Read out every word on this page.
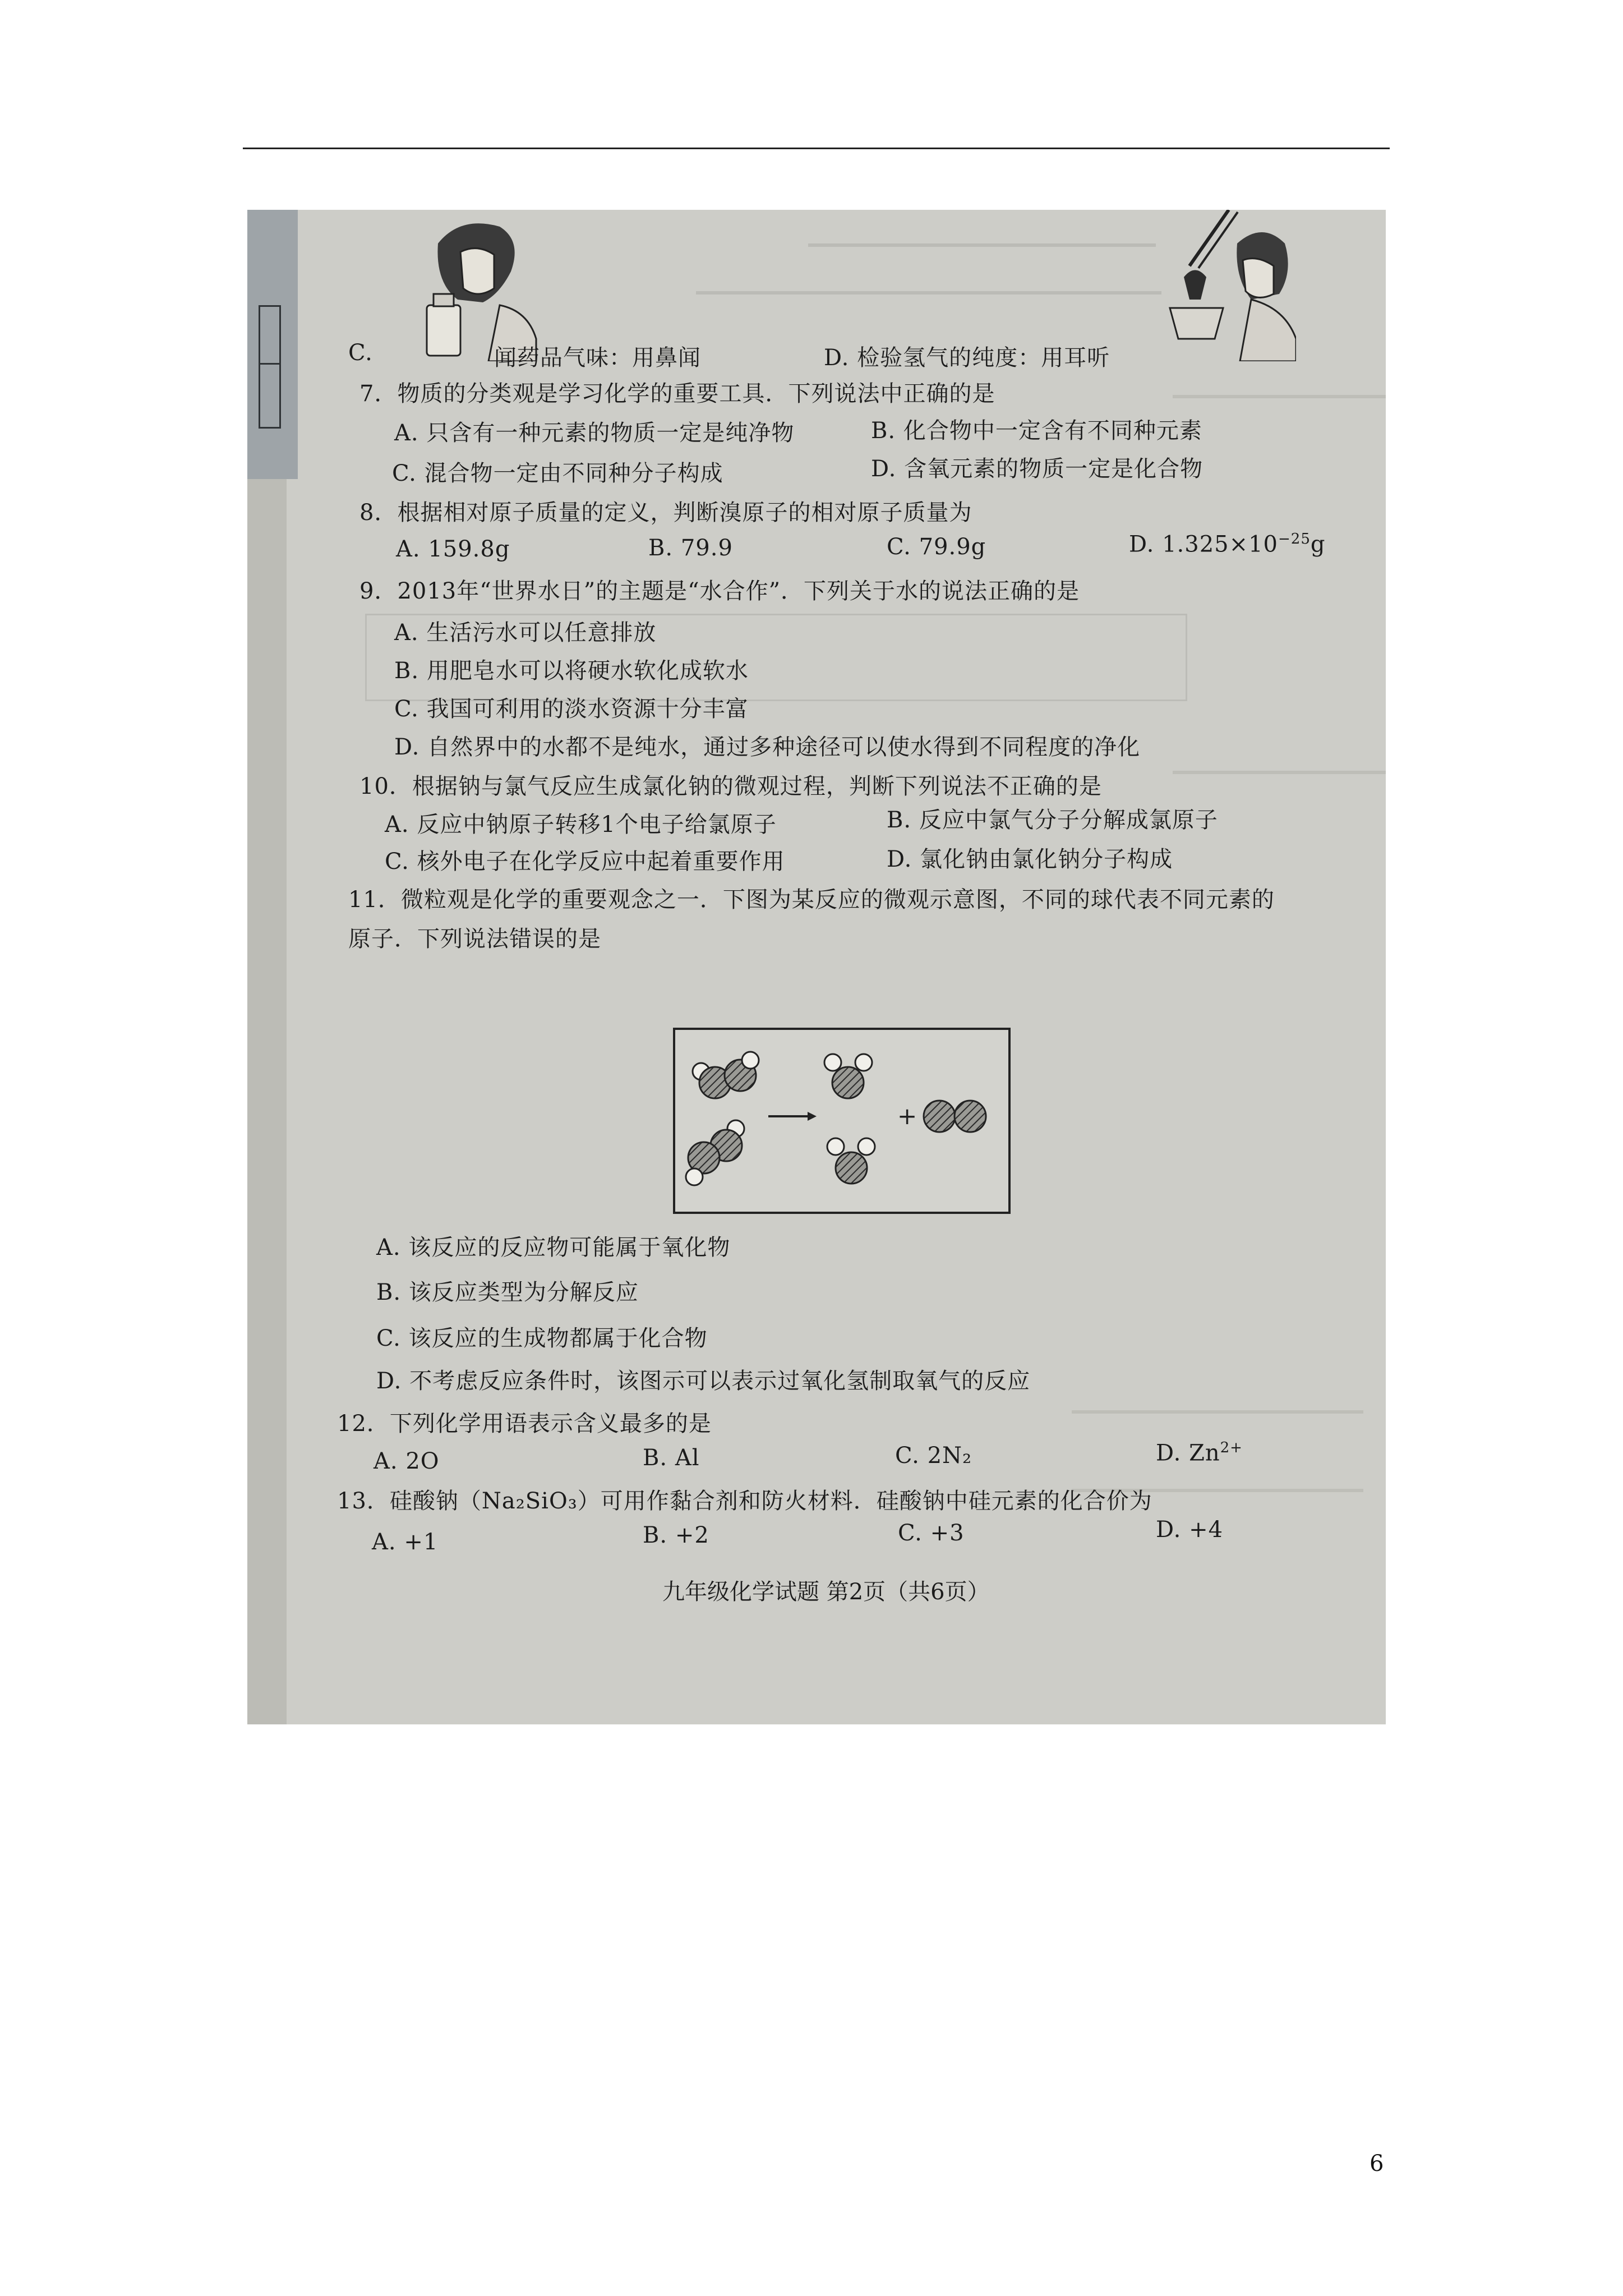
C.	闻药品气味：用鼻闻	D. 检验氢气的纯度：用耳听
7．物质的分类观是学习化学的重要工具．下列说法中正确的是
A. 只含有一种元素的物质一定是纯净物	B. 化合物中一定含有不同种元素
C. 混合物一定由不同种分子构成	D. 含氧元素的物质一定是化合物
8．根据相对原子质量的定义，判断溴原子的相对原子质量为
A. 159.8g	B. 79.9	C. 79.9g	D. $1.325\times 10^{-25}g$
9．2013年“世界水日”的主题是“水合作”．下列关于水的说法正确的是
A. 生活污水可以任意排放
B. 用肥皂水可以将硬水软化成软水
C. 我国可利用的淡水资源十分丰富
D. 自然界中的水都不是纯水，通过多种途径可以使水得到不同程度的净化
10．根据钠与氯气反应生成氯化钠的微观过程，判断下列说法不正确的是
A. 反应中钠原子转移1个电子给氯原子	B. 反应中氯气分子分解成氯原子
C. 核外电子在化学反应中起着重要作用	D. 氯化钠由氯化钠分子构成
11．微粒观是化学的重要观念之一．下图为某反应的微观示意图，不同的球代表不同元素的
原子．下列说法错误的是
+
A. 该反应的反应物可能属于氧化物
B. 该反应类型为分解反应
C. 该反应的生成物都属于化合物
D. 不考虑反应条件时，该图示可以表示过氧化氢制取氧气的反应
12．下列化学用语表示含义最多的是
A. 2O	B. Al	C. 2N₂	D. $Zn^{2+}$
13．硅酸钠（Na₂SiO₃）可用作黏合剂和防火材料．硅酸钠中硅元素的化合价为
A. +1	B. +2	C. +3	D. +4
九年级化学试题 第2页（共6页）
6
